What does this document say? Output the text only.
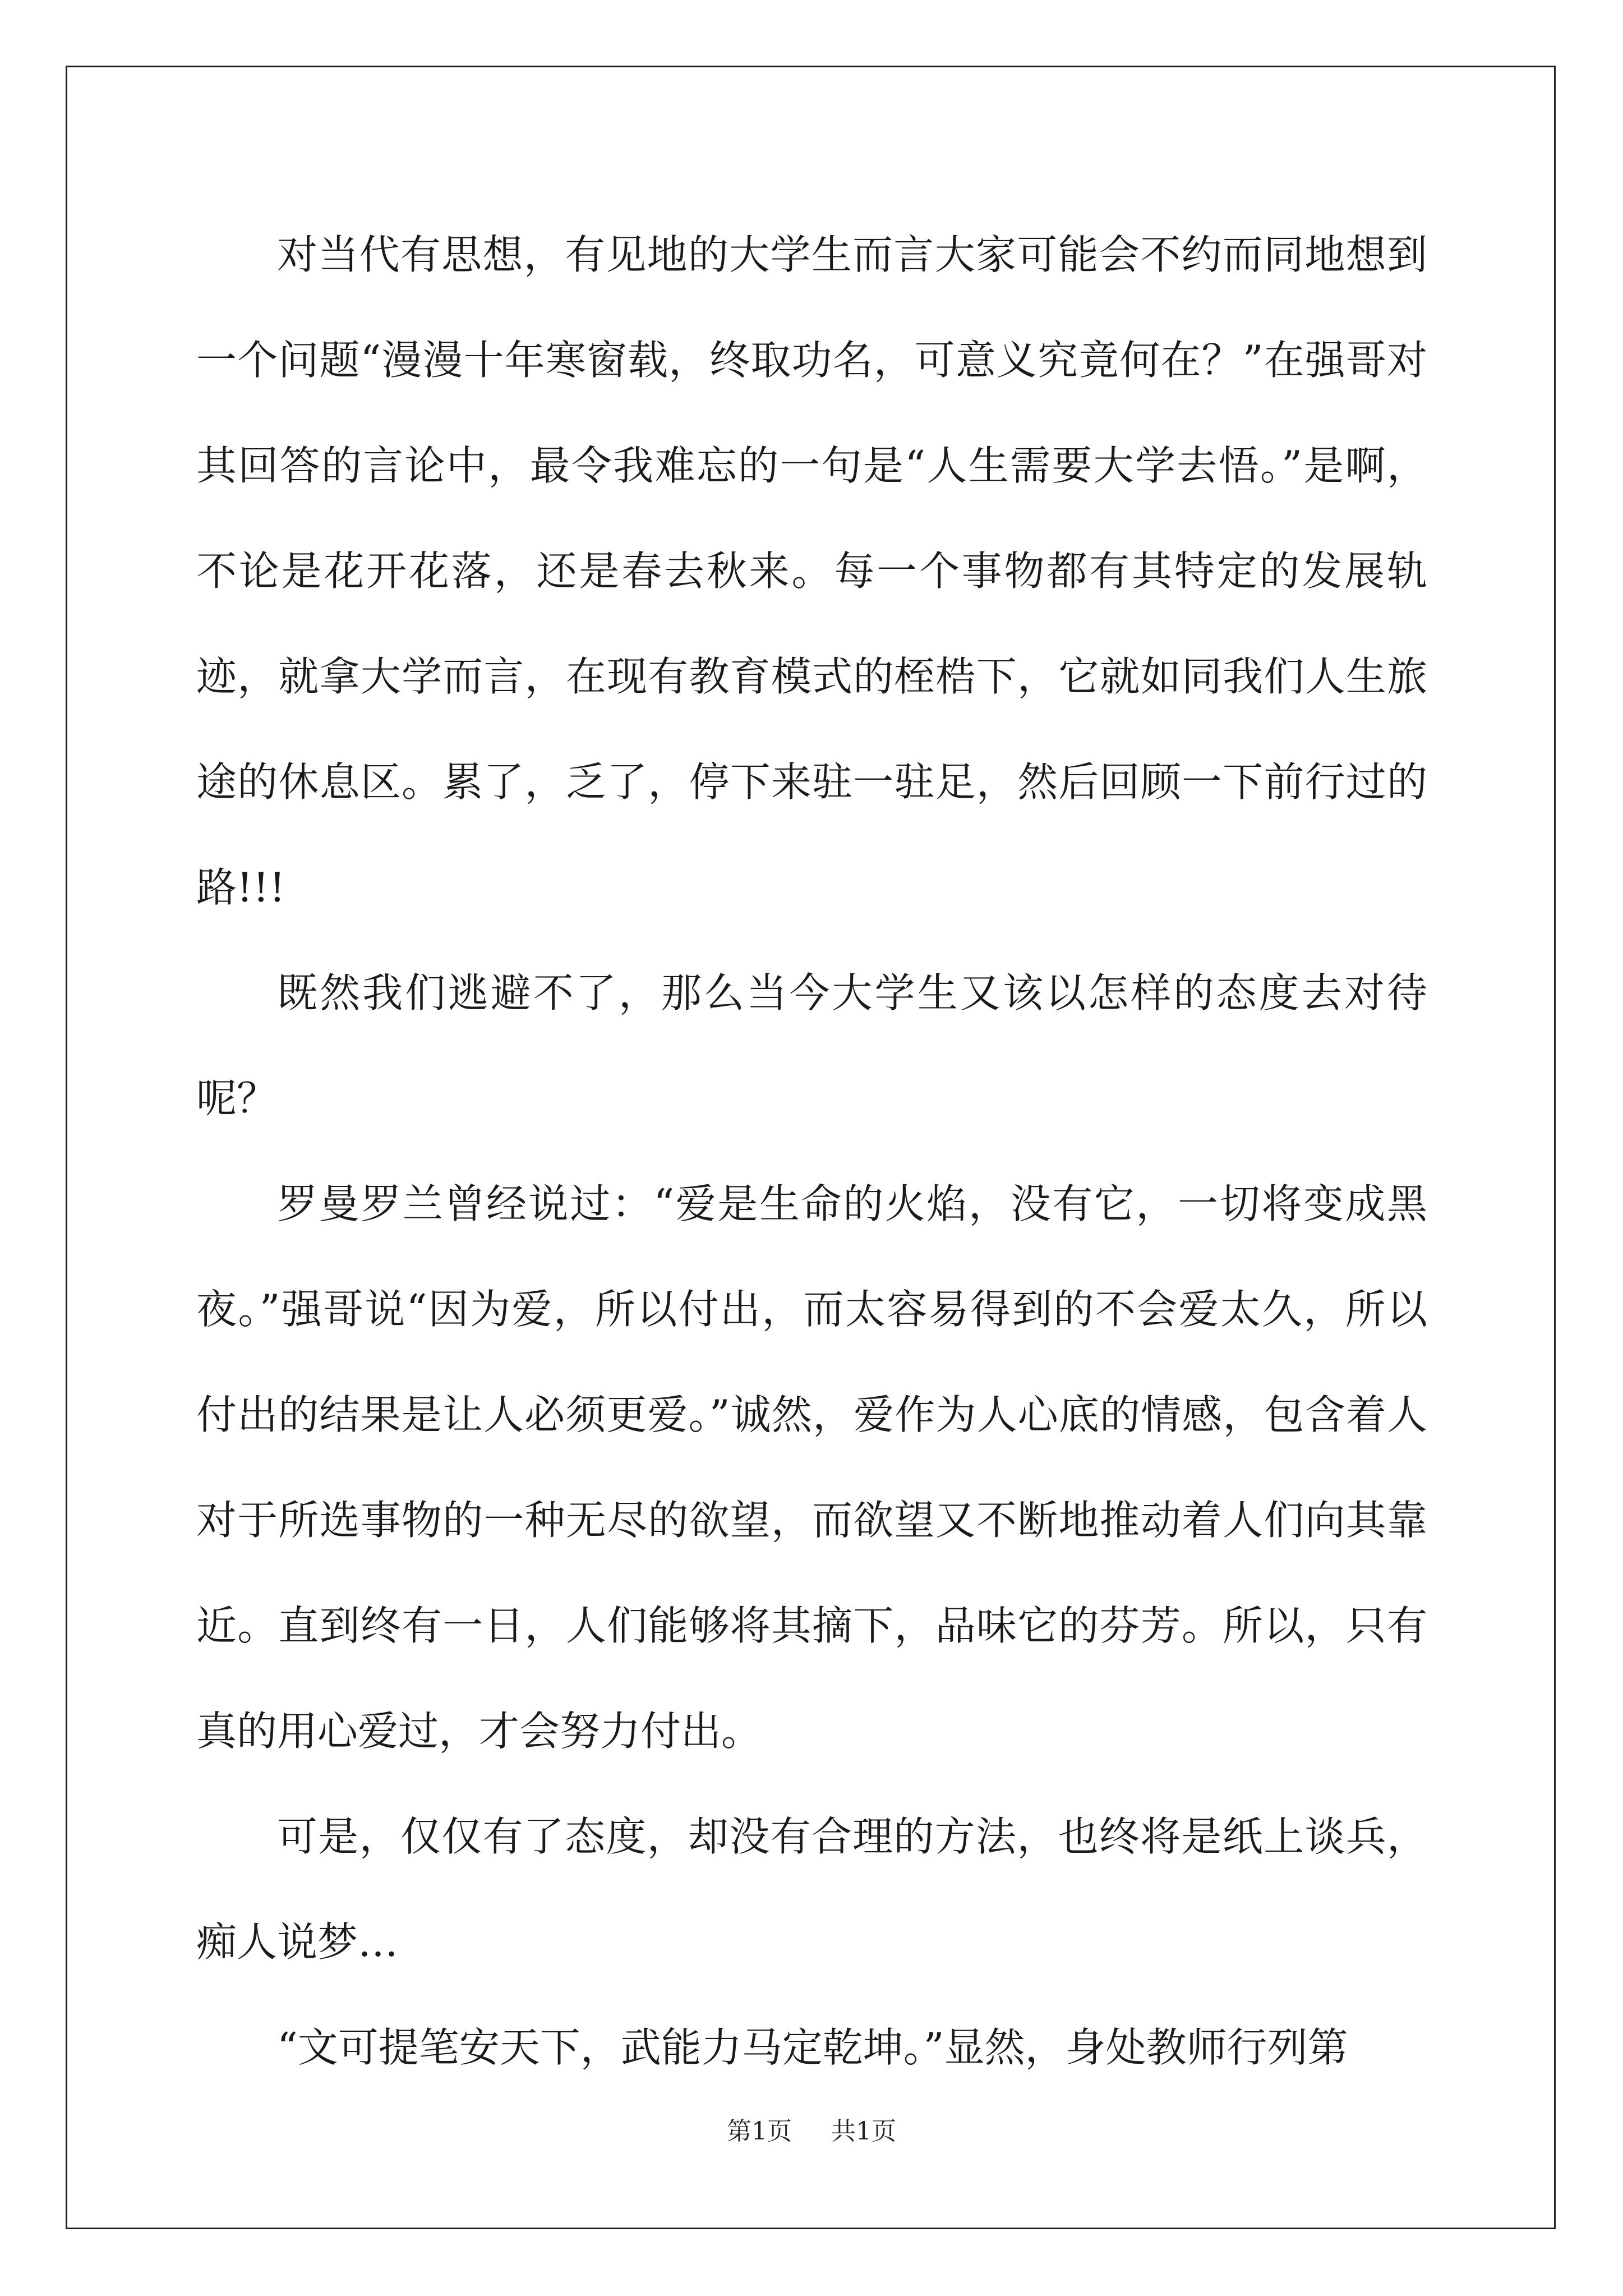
对当代有思想，有见地的大学生而言大家可能会不约而同地想到一个问题“漫漫十年寒窗载，终取功名，可意义究竟何在？”在强哥对其回答的言论中，最令我难忘的一句是“人生需要大学去悟。”是啊，不论是花开花落，还是春去秋来。每一个事物都有其特定的发展轨迹，就拿大学而言，在现有教育模式的桎梏下，它就如同我们人生旅途的休息区。累了，乏了，停下来驻一驻足，然后回顾一下前行过的路!!!

既然我们逃避不了，那么当今大学生又该以怎样的态度去对待呢？

罗曼罗兰曾经说过：“爱是生命的火焰，没有它，一切将变成黑夜。”强哥说“因为爱，所以付出，而太容易得到的不会爱太久，所以付出的结果是让人必须更爱。”诚然，爱作为人心底的情感，包含着人对于所选事物的一种无尽的欲望，而欲望又不断地推动着人们向其靠近。直到终有一日，人们能够将其摘下，品味它的芬芳。所以，只有真的用心爱过，才会努力付出。

可是，仅仅有了态度，却没有合理的方法，也终将是纸上谈兵，痴人说梦…

“文可提笔安天下，武能力马定乾坤。”显然，身处教师行列第

第1页 共1页
